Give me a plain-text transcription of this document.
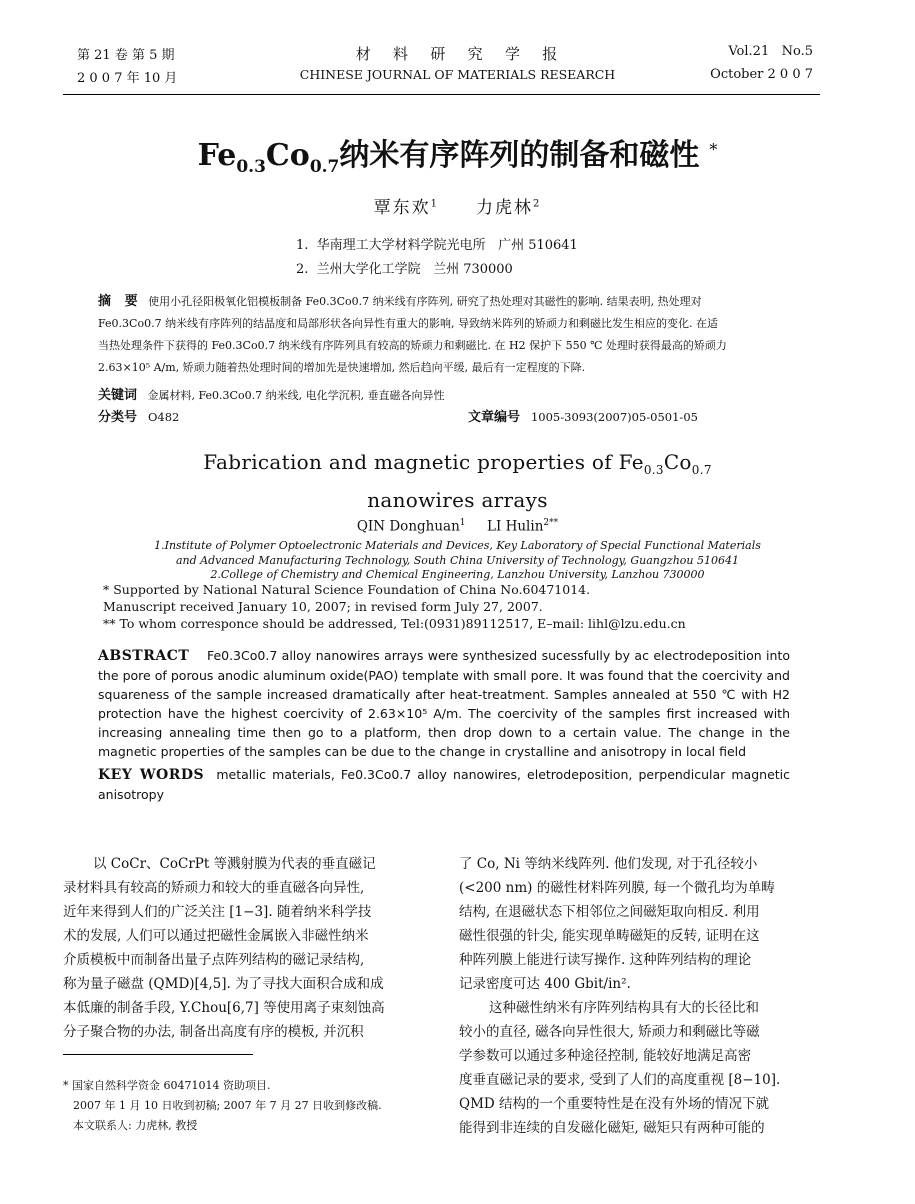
第 21 卷 第 5 期
2 0 0 7 年 10 月
材   料   研   究   学   报
CHINESE JOURNAL OF MATERIALS RESEARCH
Vol.21   No.5
October 2 0 0 7
$Fe_{0.3}Co_{0.7}$纳米有序阵列的制备和磁性 *
覃东欢$^1$ 力虎林$^2$
1.  华南理工大学材料学院光电所   广州 510641
2.  兰州大学化工学院   兰州 730000
摘   要 使用小孔径阳极氧化铝模板制备 Fe0.3Co0.7 纳米线有序阵列, 研究了热处理对其磁性的影响. 结果表明, 热处理对
Fe0.3Co0.7 纳米线有序阵列的结晶度和局部形状各向异性有重大的影响, 导致纳米阵列的矫顽力和剩磁比发生相应的变化. 在适
当热处理条件下获得的 Fe0.3Co0.7 纳米线有序阵列具有较高的矫顽力和剩磁比. 在 H2 保护下 550 ℃ 处理时获得最高的矫顽力
2.63×10⁵ A/m, 矫顽力随着热处理时间的增加先是快速增加, 然后趋向平缓, 最后有一定程度的下降.
关键词 金属材料, Fe0.3Co0.7 纳米线, 电化学沉积, 垂直磁各向异性
分类号 O482	文章编号 1005-3093(2007)05-0501-05
Fabrication and magnetic properties of $Fe_{0.3}Co_{0.7}$
nanowires arrays
QIN Donghuan$^1$ LI Hulin$^{2**}$
1.Institute of Polymer Optoelectronic Materials and Devices, Key Laboratory of Special Functional Materials
and Advanced Manufacturing Technology, South China University of Technology, Guangzhou 510641
2.College of Chemistry and Chemical Engineering, Lanzhou University, Lanzhou 730000
* Supported by National Natural Science Foundation of China No.60471014.
Manuscript received January 10, 2007; in revised form July 27, 2007.
** To whom corresponce should be addressed, Tel:(0931)89112517, E–mail: lihl@lzu.edu.cn
ABSTRACT Fe0.3Co0.7 alloy nanowires arrays were synthesized sucessfully by ac electrodeposition into the pore of porous anodic aluminum oxide(PAO) template with small pore. It was found that the coercivity and squareness of the sample increased dramatically after heat-treatment. Samples annealed at 550 ℃ with H2 protection have the highest coercivity of 2.63×10⁵ A/m. The coercivity of the samples first increased with increasing annealing time then go to a platform, then drop down to a certain value. The change in the magnetic properties of the samples can be due to the change in crystalline and anisotropy in local field
KEY WORDS metallic materials, Fe0.3Co0.7 alloy nanowires, eletrodeposition, perpendicular magnetic anisotropy
以 CoCr、CoCrPt 等溅射膜为代表的垂直磁记
录材料具有较高的矫顽力和较大的垂直磁各向异性,
近年来得到人们的广泛关注 [1−3]. 随着纳米科学技
术的发展, 人们可以通过把磁性金属嵌入非磁性纳米
介质模板中而制备出量子点阵列结构的磁记录结构,
称为量子磁盘 (QMD)[4,5]. 为了寻找大面积合成和成
本低廉的制备手段, Y.Chou[6,7] 等使用离子束刻蚀高
分子聚合物的办法, 制备出高度有序的模板, 并沉积
* 国家自然科学资金 60471014 资助项目.
2007 年 1 月 10 日收到初稿; 2007 年 7 月 27 日收到修改稿.
本文联系人: 力虎林, 教授
了 Co, Ni 等纳米线阵列. 他们发现, 对于孔径较小
(<200 nm) 的磁性材料阵列膜, 每一个微孔均为单畴
结构, 在退磁状态下相邻位之间磁矩取向相反. 利用
磁性很强的针尖, 能实现单畴磁矩的反转, 证明在这
种阵列膜上能进行读写操作. 这种阵列结构的理论
记录密度可达 400 Gbit/in².
这种磁性纳米有序阵列结构具有大的长径比和
较小的直径, 磁各向异性很大, 矫顽力和剩磁比等磁
学参数可以通过多种途径控制, 能较好地满足高密
度垂直磁记录的要求, 受到了人们的高度重视 [8−10].
QMD 结构的一个重要特性是在没有外场的情况下就
能得到非连续的自发磁化磁矩, 磁矩只有两种可能的
